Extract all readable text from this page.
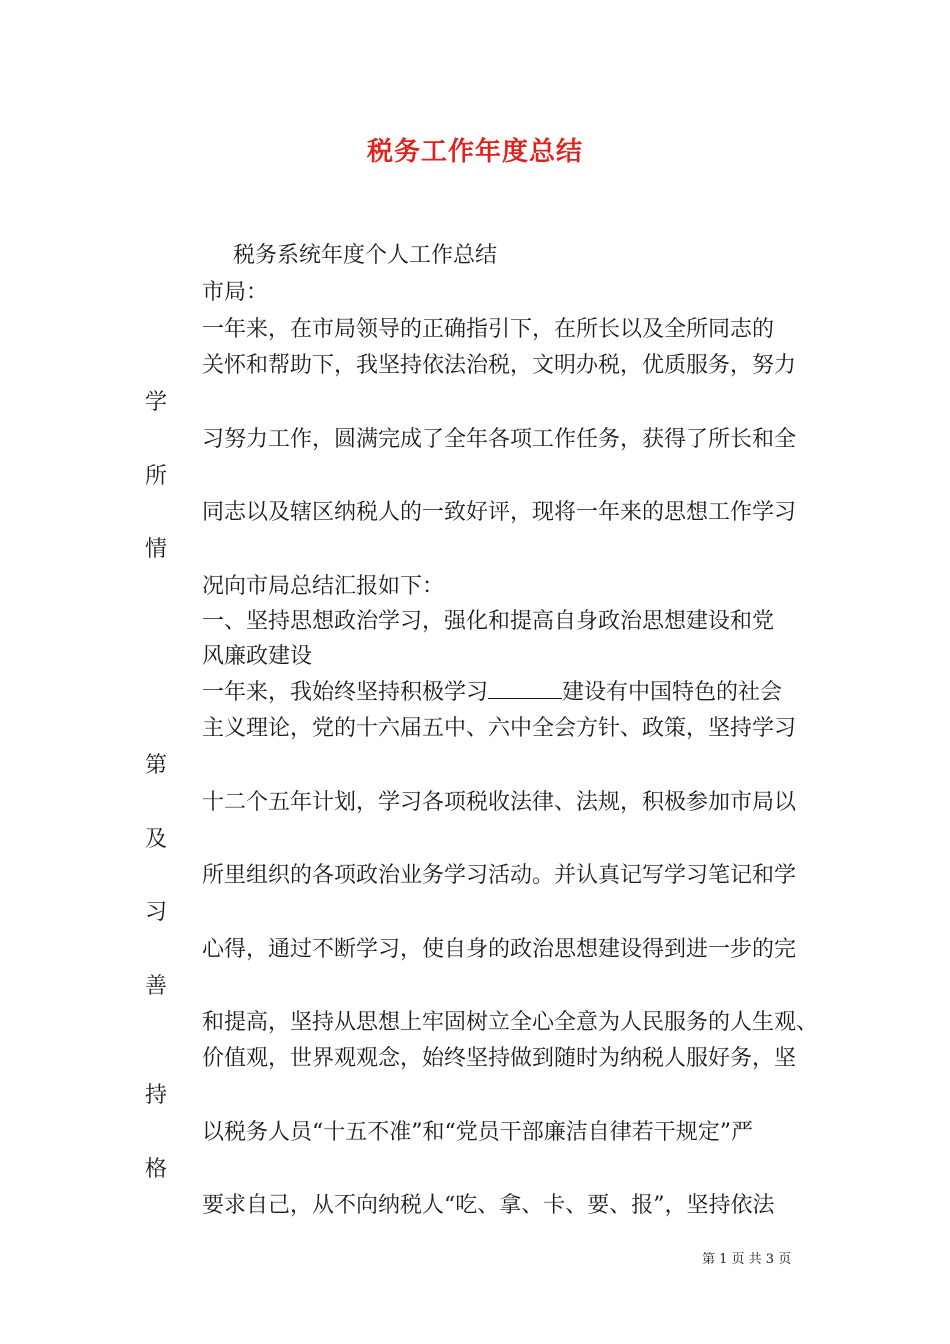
税务工作年度总结
税务系统年度个人工作总结
市局：
一年来，在市局领导的正确指引下，在所长以及全所同志的
关怀和帮助下，我坚持依法治税，文明办税，优质服务，努力
学
习努力工作，圆满完成了全年各项工作任务，获得了所长和全
所
同志以及辖区纳税人的一致好评，现将一年来的思想工作学习
情
况向市局总结汇报如下：
一、坚持思想政治学习，强化和提高自身政治思想建设和党
风廉政建设
一年来，我始终坚持积极学习	建设有中国特色的社会
主义理论，党的十六届五中、六中全会方针、政策，坚持学习
第
十二个五年计划，学习各项税收法律、法规，积极参加市局以
及
所里组织的各项政治业务学习活动。并认真记写学习笔记和学
习
心得，通过不断学习，使自身的政治思想建设得到进一步的完
善
和提高，坚持从思想上牢固树立全心全意为人民服务的人生观、
价值观，世界观观念，始终坚持做到随时为纳税人服好务，坚
持
以税务人员“十五不准”和“党员干部廉洁自律若干规定”严
格
要求自己，从不向纳税人“吃、拿、卡、要、报”，坚持依法
第 1 页 共 3 页
